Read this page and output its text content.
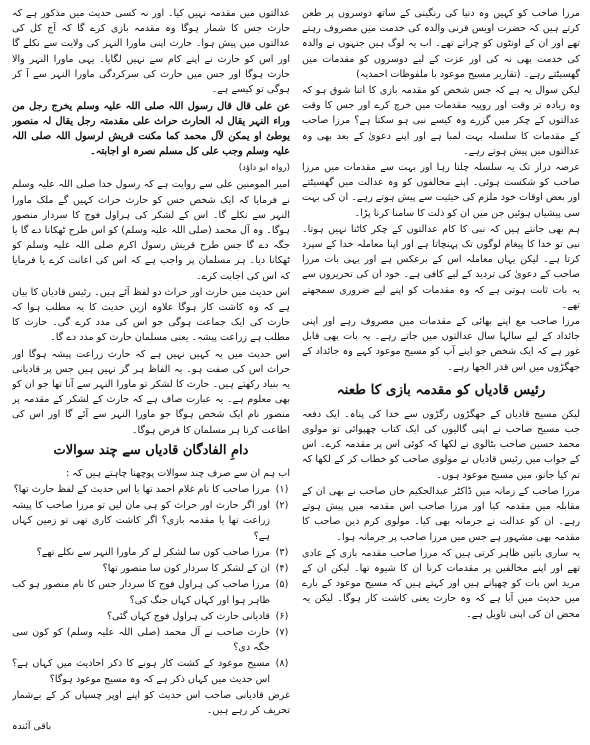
مرزا صاحب کو کہیں وہ دنیا کی رنگینی کے ساتھ دوسروں پر طعن کرتے ہیں کہ حضرت اویس قرنی والدہ کی خدمت میں مصروف رہتے تھے اور ان کے اونٹوں کو چراتے تھے۔ اب یہ لوگ ہیں جنہوں نے والدہ کی خدمت بھی نہ کی اور عزت کے لیے دوسروں کو مقدمات میں گھسیٹتے رہے۔ (تقاریر مسیح موعود با ملفوظات احمدیہ)

لیکن سوال یہ ہے کہ جس شخص کو مقدمہ بازی کا اتنا شوق ہو کہ وہ زیادہ تر وقت اور روپیہ مقدمات میں خرچ کرے اور جس کا وقت عدالتوں کے چکر میں گزرے وہ کیسے نبی ہو سکتا ہے؟ مرزا صاحب کے مقدمات کا سلسلہ بہت لمبا ہے اور اپنے دعویٰ کے بعد بھی وہ عدالتوں میں پیش ہوتے رہے۔

عرصہ دراز تک یہ سلسلہ چلتا رہا اور بہت سے مقدمات میں مرزا صاحب کو شکست ہوئی۔ اپنے مخالفوں کو وہ عدالت میں گھسیٹتے اور بعض اوقات خود ملزم کی حیثیت سے پیش ہوتے رہے۔ ان کی بہت سی پیشیاں ہوئیں جن میں ان کو ذلت کا سامنا کرنا پڑا۔

ہم بھی جانتے ہیں کہ نبی کا کام عدالتوں کے چکر کاٹنا نہیں ہوتا۔ نبی تو خدا کا پیغام لوگوں تک پہنچاتا ہے اور اپنا معاملہ خدا کے سپرد کرتا ہے۔ لیکن یہاں معاملہ اس کے برعکس ہے اور یہی بات مرزا صاحب کے دعویٰ کی تردید کے لیے کافی ہے۔ خود ان کی تحریروں سے یہ بات ثابت ہوتی ہے کہ وہ مقدمات کو اپنے لیے ضروری سمجھتے تھے۔

مرزا صاحب مع اپنے بھائی کے مقدمات میں مصروف رہے اور اپنی جائداد کے لیے سالہا سال عدالتوں میں جاتے رہے۔ یہ بات بھی قابل غور ہے کہ ایک شخص جو اپنے آپ کو مسیح موعود کہے وہ جائداد کے جھگڑوں میں اس قدر الجھا رہے۔

رئیس قادیاں کو مقدمہ بازی کا طعنہ

لیکن مسیح قادیاں کے جھگڑوں رگڑوں سے خدا کی پناہ۔ ایک دفعہ جب مسیح صاحب نے اپنی گالیوں کی ایک کتاب چھپوائی تو مولوی محمد حسین صاحب بٹالوی نے لکھا کہ کوئی اس پر مقدمہ کرے۔ اس کے جواب میں رئیس قادیاں نے مولوی صاحب کو خطاب کر کے لکھا کہ تم کیا جانو، میں مسیح موعود ہوں۔

مرزا صاحب کے زمانہ میں ڈاکٹر عبدالحکیم خاں صاحب نے بھی ان کے مقابلہ میں مقدمہ کیا اور مرزا صاحب اس مقدمہ میں پیش ہوتے رہے۔ ان کو عدالت نے جرمانہ بھی کیا۔ مولوی کرم دین صاحب کا مقدمہ بھی مشہور ہے جس میں مرزا صاحب پر جرمانہ ہوا۔

یہ ساری باتیں ظاہر کرتی ہیں کہ مرزا صاحب مقدمہ بازی کے عادی تھے اور اپنے مخالفین پر مقدمات کرنا ان کا شیوہ تھا۔ لیکن ان کے مرید اس بات کو چھپاتے ہیں اور کہتے ہیں کہ مسیح موعود کے بارے میں حدیث میں آیا ہے کہ وہ حارث یعنی کاشت کار ہوگا۔ لیکن یہ محض ان کی اپنی تاویل ہے۔

عدالتوں میں مقدمہ نہیں کیا۔ اور نہ کسی حدیث میں مذکور ہے کہ حارث جس کا شمار ہوگا وہ مقدمہ بازی کرے گا کہ آج کل کی عدالتوں میں پیش ہوا۔ حارث اپنی ماورا النہر کی ولایت سے نکلے گا اور اس کو حارث نے اپنے کام سے نہیں لگایا۔ یہی ماورا النہر والا حارث ہوگا اور جس میں حارث کی سرکردگی ماورا النہر سے آ کر ہوگی تو کیسے ہے۔

عن علی قال قال رسول اللہ صلی اللہ علیہ وسلم یخرج رجل من وراء النہر یقال لہ الحارث حراث علی مقدمتہ رجل یقال لہ منصور یوطئ او یمکن لآل محمد کما مکنت قریش لرسول اللہ صلی اللہ علیہ وسلم وجب علی کل مسلم نصرہ او اجابتہ۔

(رواہ ابو داؤد)

امیر المومنین علی سے روایت ہے کہ رسول خدا صلی اللہ علیہ وسلم نے فرمایا کہ ایک شخص جس کو حارث حراث کہیں گے ملک ماورا النہر سے نکلے گا۔ اس کے لشکر کی ہراول فوج کا سردار منصور ہوگا۔ وہ آل محمد (صلی اللہ علیہ وسلم) کو اس طرح ٹھکانا دے گا یا جگہ دے گا جس طرح قریش رسول اکرم صلی اللہ علیہ وسلم کو ٹھکانا دیا۔ ہر مسلمان پر واجب ہے کہ اس کی اعانت کرے یا فرمایا کہ اس کی اجابت کرے۔

اس حدیث میں حارث اور حراث دو لفظ آئے ہیں۔ رئیس قادیان کا بیان ہے کہ وہ کاشت کار ہوگا علاوہ ازیں حدیث کا یہ مطلب ہوا کہ حارث کی ایک جماعت ہوگی جو اس کی مدد کرے گی۔ حارث کا مطلب ہے زراعت پیشہ۔ یعنی مسلمان حارث کو مدد دے گا۔

اس حدیث میں یہ کہیں نہیں ہے کہ حارث زراعت پیشہ ہوگا اور حراث اس کی صفت ہو۔ یہ الفاظ ہر گز نہیں ہیں جس پر قادیانی یہ بنیاد رکھتے ہیں۔ حارث کا لشکر تو ماورا النہر سے آنا تھا جو ان کو بھی معلوم ہے۔ یہ عبارت صاف ہے کہ حارث کے لشکر کے مقدمہ پر منصور نام ایک شخص ہوگا جو ماورا النہر سے آئے گا اور اس کی اطاعت کرنا ہر مسلمان کا فرض ہوگا۔

دامِ الفادگان قادیاں سے چند سوالات

اب ہم ان سے صرف چند سوالات پوچھنا چاہتے ہیں کہ :

(۱)
مرزا صاحب کا نام غلام احمد تھا یا اس حدیث کے لفظ حارث تھا؟
(۲)
اور اگر حارث اور حراث کو ہی مان لیں تو مرزا صاحب کا پیشہ زراعت تھا یا مقدمہ بازی؟ اگر کاشت کاری تھی تو زمین کہاں ہے؟
(۳)
مرزا صاحب کون سا لشکر لے کر ماورا النہر سے نکلے تھے؟
(۴)
ان کے لشکر کا سردار کون سا منصور تھا؟
(۵)
مرزا صاحب کی ہراول فوج کا سردار جس کا نام منصور ہو کب ظاہر ہوا اور کہاں کہاں جنگ کی؟
(۶)
قادیانی حارث کی ہراول فوج کہاں گئی؟
(۷)
حارث صاحب نے آل محمد (صلی اللہ علیہ وسلم) کو کون سی جگہ دی؟
(۸)
مسیح موعود کے کشت کار ہونے کا ذکر احادیث میں کہاں ہے؟ اس حدیث میں کہاں ذکر ہے کہ وہ مسیح موعود ہوگا؟

غرض قادیانی صاحب اس حدیث کو اپنے اوپر چسپاں کر کے بےشمار تحریف کر رہے ہیں۔

باقی آئندہ
